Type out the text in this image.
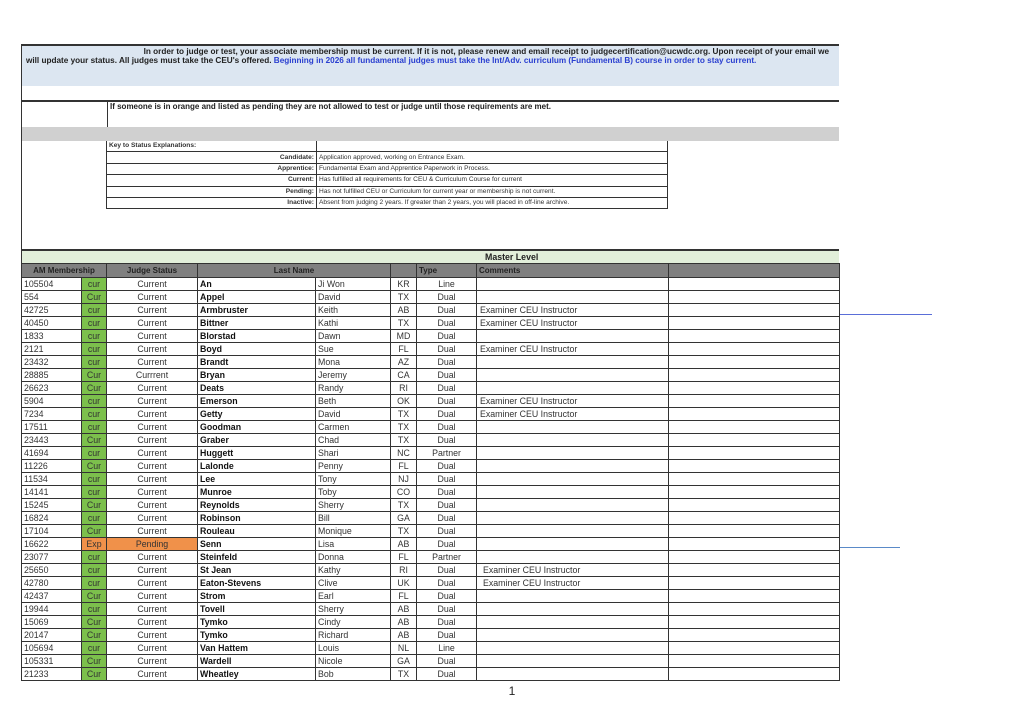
In order to judge or test, your associate membership must be current. If it is not, please renew and email receipt to judgecertification@ucwdc.org. Upon receipt of your email we
will update your status. All judges must take the CEU's offered. Beginning in 2026 all fundamental judges must take the Int/Adv. curriculum (Fundamental B) course in order to stay current.
If someone is in orange and listed as pending they are not allowed to test or judge until those requirements are met.
Key to Status Explanations:	
Candidate:	Application approved, working on Entrance Exam.
Apprentice:	Fundamental Exam and Apprentice Paperwork in Process.
Current:	Has fulfilled all requirements for CEU & Curriculum Course for current
Pending:	Has not fulfilled CEU or Curriculum for current year or membership is not current.
Inactive:	Absent from judging 2 years. If greater than 2 years, you will placed in off-line archive.
Master Level
AM Membership		Judge Status	Last Name			Type	Comments	
105504	cur	Current	An	Ji Won	KR	Line		
554	Cur	Current	Appel	David	TX	Dual		
42725	cur	Current	Armbruster	Keith	AB	Dual	Examiner CEU Instructor	
40450	cur	Current	Bittner	Kathi	TX	Dual	Examiner CEU Instructor	
1833	cur	Current	Blorstad	Dawn	MD	Dual		
2121	cur	Current	Boyd	Sue	FL	Dual	Examiner CEU Instructor	
23432	cur	Current	Brandt	Mona	AZ	Dual		
28885	Cur	Currrent	Bryan	Jeremy	CA	Dual		
26623	Cur	Current	Deats	Randy	RI	Dual		
5904	cur	Current	Emerson	Beth	OK	Dual	Examiner CEU Instructor	
7234	cur	Current	Getty	David	TX	Dual	Examiner CEU Instructor	
17511	cur	Current	Goodman	Carmen	TX	Dual		
23443	Cur	Current	Graber	Chad	TX	Dual		
41694	cur	Current	Huggett	Shari	NC	Partner		
11226	Cur	Current	Lalonde	Penny	FL	Dual		
11534	cur	Current	Lee	Tony	NJ	Dual		
14141	cur	Current	Munroe	Toby	CO	Dual		
15245	Cur	Current	Reynolds	Sherry	TX	Dual		
16824	cur	Current	Robinson	Bill	GA	Dual		
17104	Cur	Current	Rouleau	Monique	TX	Dual		
16622	Exp	Pending	Senn	Lisa	AB	Dual		
23077	cur	Current	Steinfeld	Donna	FL	Partner		
25650	cur	Current	St Jean	Kathy	RI	Dual	Examiner CEU Instructor	
42780	cur	Current	Eaton-Stevens	Clive	UK	Dual	Examiner CEU Instructor	
42437	Cur	Current	Strom	Earl	FL	Dual		
19944	cur	Current	Tovell	Sherry	AB	Dual		
15069	Cur	Current	Tymko	Cindy	AB	Dual		
20147	Cur	Current	Tymko	Richard	AB	Dual		
105694	cur	Current	Van Hattem	Louis	NL	Line		
105331	Cur	Current	Wardell	Nicole	GA	Dual		
21233	Cur	Current	Wheatley	Bob	TX	Dual		
1
